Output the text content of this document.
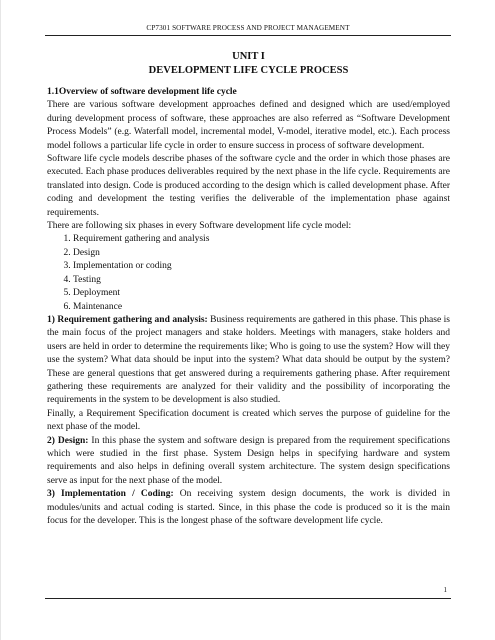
CP7301 SOFTWARE PROCESS AND PROJECT MANAGEMENT
UNIT I
DEVELOPMENT LIFE CYCLE PROCESS
1.1Overview of software development life cycle

There are various software development approaches defined and designed which are used/employed during development process of software, these approaches are also referred as “Software Development Process Models” (e.g. Waterfall model, incremental model, V-model, iterative model, etc.). Each process model follows a particular life cycle in order to ensure success in process of software development.

Software life cycle models describe phases of the software cycle and the order in which those phases are executed. Each phase produces deliverables required by the next phase in the life cycle. Requirements are translated into design. Code is produced according to the design which is called development phase. After coding and development the testing verifies the deliverable of the implementation phase against requirements.

There are following six phases in every Software development life cycle model:

1. Requirement gathering and analysis
2. Design
3. Implementation or coding
4. Testing
5. Deployment
6. Maintenance

1) Requirement gathering and analysis: Business requirements are gathered in this phase. This phase is the main focus of the project managers and stake holders. Meetings with managers, stake holders and users are held in order to determine the requirements like; Who is going to use the system? How will they use the system? What data should be input into the system? What data should be output by the system? These are general questions that get answered during a requirements gathering phase. After requirement gathering these requirements are analyzed for their validity and the possibility of incorporating the requirements in the system to be development is also studied.

Finally, a Requirement Specification document is created which serves the purpose of guideline for the next phase of the model.

2) Design: In this phase the system and software design is prepared from the requirement specifications which were studied in the first phase. System Design helps in specifying hardware and system requirements and also helps in defining overall system architecture. The system design specifications serve as input for the next phase of the model.

3) Implementation / Coding: On receiving system design documents, the work is divided in modules/units and actual coding is started. Since, in this phase the code is produced so it is the main focus for the developer. This is the longest phase of the software development life cycle.

1
